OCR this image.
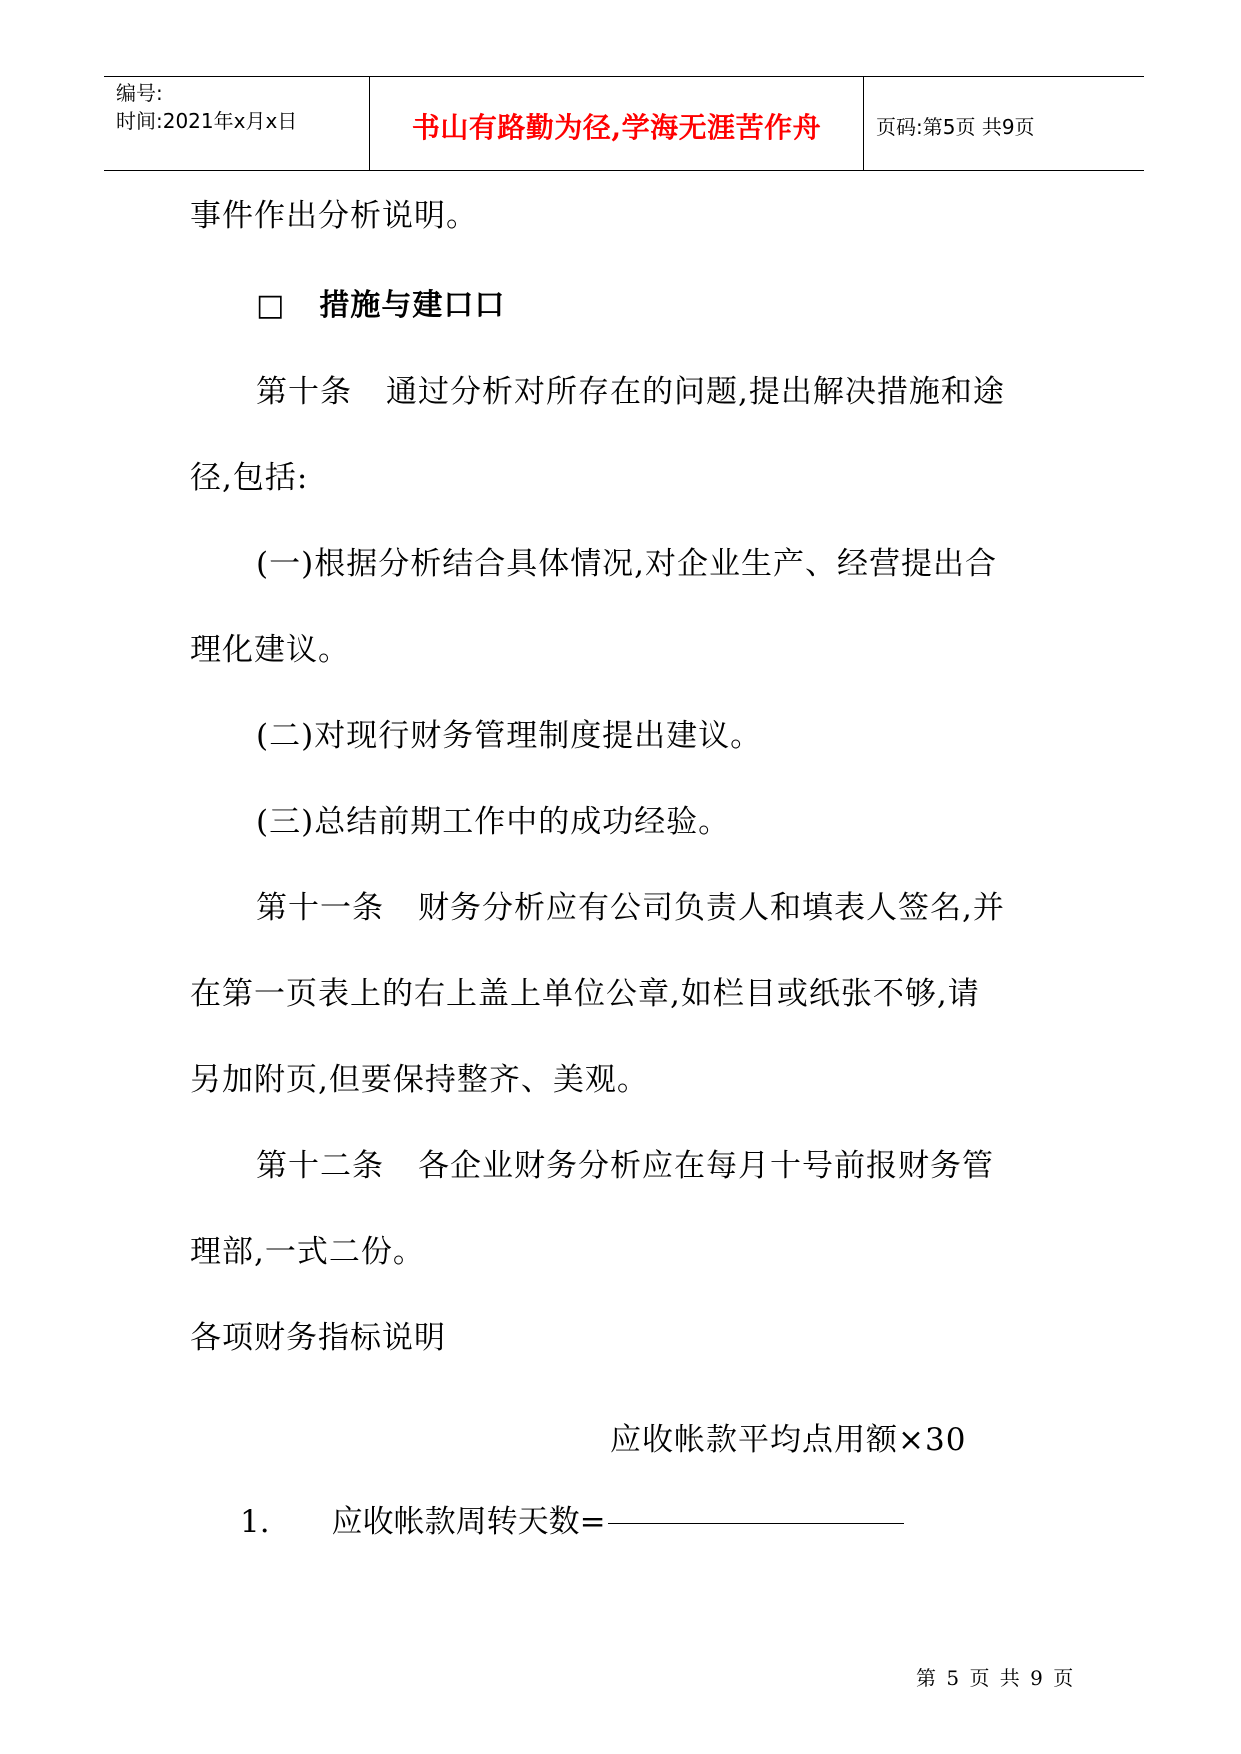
编号:
时间:2021年x月x日	书山有路勤为径,学海无涯苦作舟	页码:第5页 共9页
事件作出分析说明。
□ 措施与建口口
第十条 通过分析对所存在的问题,提出解决措施和途
径,包括:
(一)根据分析结合具体情况,对企业生产、经营提出合
理化建议。
(二)对现行财务管理制度提出建议。
(三)总结前期工作中的成功经验。
第十一条 财务分析应有公司负责人和填表人签名,并
在第一页表上的右上盖上单位公章,如栏目或纸张不够,请
另加附页,但要保持整齐、美观。
第十二条 各企业财务分析应在每月十号前报财务管
理部,一式二份。
各项财务指标说明
应收帐款平均点用额×30
1. 应收帐款周转天数=
第 5 页 共 9 页
